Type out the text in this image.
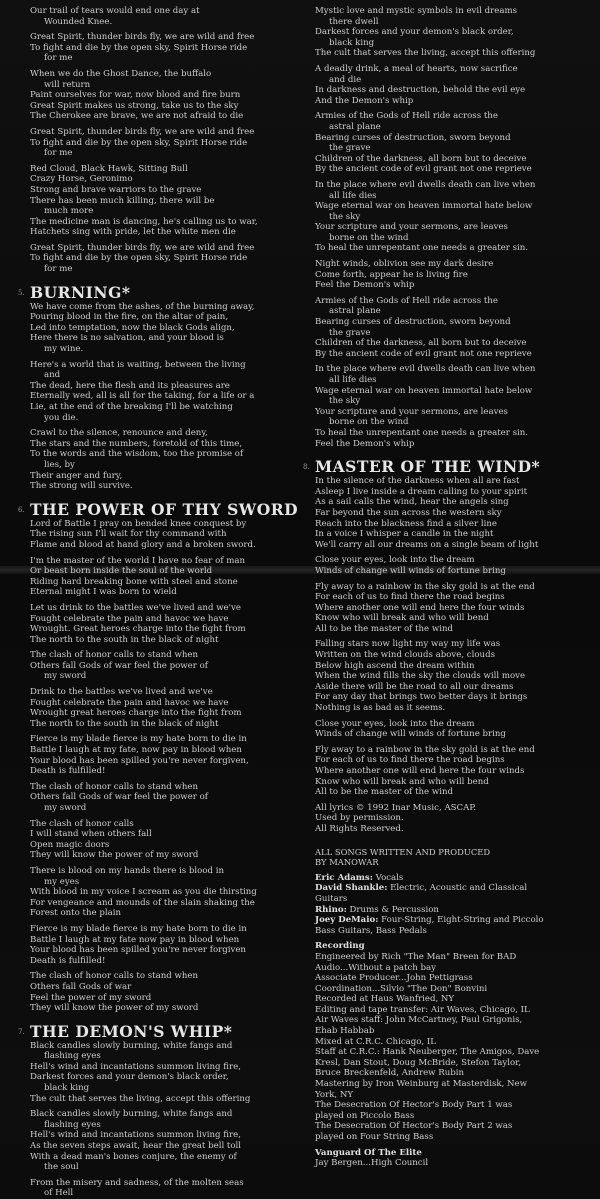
Our trail of tears would end one day at
Wounded Knee.
Great Spirit, thunder birds fly, we are wild and free
To fight and die by the open sky, Spirit Horse ride
for me
When we do the Ghost Dance, the buffalo
will return
Paint ourselves for war, now blood and fire burn
Great Spirit makes us strong, take us to the sky
The Cherokee are brave, we are not afraid to die
Great Spirit, thunder birds fly, we are wild and free
To fight and die by the open sky, Spirit Horse ride
for me
Red Cloud, Black Hawk, Sitting Bull
Crazy Horse, Geronimo
Strong and brave warriors to the grave
There has been much killing, there will be
much more
The medicine man is dancing, he's calling us to war,
Hatchets sing with pride, let the white men die
Great Spirit, thunder birds fly, we are wild and free
To fight and die by the open sky, Spirit Horse ride
for me
5. BURNING*
We have come from the ashes, of the burning away,
Pouring blood in the fire, on the altar of pain,
Led into temptation, now the black Gods align,
Here there is no salvation, and your blood is
my wine.
Here's a world that is waiting, between the living
and
The dead, here the flesh and its pleasures are
Eternally wed, all is all for the taking, for a life or a
Lie, at the end of the breaking I'll be watching
you die.
Crawl to the silence, renounce and deny,
The stars and the numbers, foretold of this time,
To the words and the wisdom, too the promise of
lies, by
Their anger and fury,
The strong will survive.
6. THE POWER OF THY SWORD
Lord of Battle I pray on bended knee conquest by
The rising sun I'll wait for thy command with
Flame and blood at hand glory and a broken sword.
I'm the master of the world I have no fear of man
Or beast born inside the soul of the world
Riding hard breaking bone with steel and stone
Eternal might I was born to wield
Let us drink to the battles we've lived and we've
Fought celebrate the pain and havoc we have
Wrought. Great heroes charge into the fight from
The north to the south in the black of night
The clash of honor calls to stand when
Others fall Gods of war feel the power of
my sword
Drink to the battles we've lived and we've
Fought celebrate the pain and havoc we have
Wrought great heroes charge into the fight from
The north to the south in the black of night
Fierce is my blade fierce is my hate born to die in
Battle I laugh at my fate, now pay in blood when
Your blood has been spilled you're never forgiven,
Death is fulfilled!
The clash of honor calls to stand when
Others fall Gods of war feel the power of
my sword
The clash of honor calls
I will stand when others fall
Open magic doors
They will know the power of my sword
There is blood on my hands there is blood in
my eyes
With blood in my voice I scream as you die thirsting
For vengeance and mounds of the slain shaking the
Forest onto the plain
Fierce is my blade fierce is my hate born to die in
Battle I laugh at my fate now pay in blood when
Your blood has been spilled you're never forgiven
Death is fulfilled!
The clash of honor calls to stand when
Others fall Gods of war
Feel the power of my sword
They will know the power of my sword
7. THE DEMON'S WHIP*
Black candles slowly burning, white fangs and
flashing eyes
Hell's wind and incantations summon living fire,
Darkest forces and your demon's black order,
black king
The cult that serves the living, accept this offering
Black candles slowly burning, white fangs and
flashing eyes
Hell's wind and incantations summon living fire,
As the seven steps await, hear the great bell toll
With a dead man's bones conjure, the enemy of
the soul
From the misery and sadness, of the molten seas
of Hell
Mystic love and mystic symbols in evil dreams
there dwell
Darkest forces and your demon's black order,
black king
The cult that serves the living, accept this offering
A deadly drink, a meal of hearts, now sacrifice
and die
In darkness and destruction, behold the evil eye
And the Demon's whip
Armies of the Gods of Hell ride across the
astral plane
Bearing curses of destruction, sworn beyond
the grave
Children of the darkness, all born but to deceive
By the ancient code of evil grant not one reprieve
In the place where evil dwells death can live when
all life dies
Wage eternal war on heaven immortal hate below
the sky
Your scripture and your sermons, are leaves
borne on the wind
To heal the unrepentant one needs a greater sin.
Night winds, oblivion see my dark desire
Come forth, appear he is living fire
Feel the Demon's whip
Armies of the Gods of Hell ride across the
astral plane
Bearing curses of destruction, sworn beyond
the grave
Children of the darkness, all born but to deceive
By the ancient code of evil grant not one reprieve
In the place where evil dwells death can live when
all life dies
Wage eternal war on heaven immortal hate below
the sky
Your scripture and your sermons, are leaves
borne on the wind
To heal the unrepentant one needs a greater sin.
Feel the Demon's whip
8. MASTER OF THE WIND*
In the silence of the darkness when all are fast
Asleep I live inside a dream calling to your spirit
As a sail calls the wind, hear the angels sing
Far beyond the sun across the western sky
Reach into the blackness find a silver line
In a voice I whisper a candle in the night
We'll carry all our dreams on a single beam of light
Close your eyes, look into the dream
Winds of change will winds of fortune bring
Fly away to a rainbow in the sky gold is at the end
For each of us to find there the road begins
Where another one will end here the four winds
Know who will break and who will bend
All to be the master of the wind
Falling stars now light my way my life was
Written on the wind clouds above, clouds
Below high ascend the dream within
When the wind fills the sky the clouds will move
Aside there will be the road to all our dreams
For any day that brings two better days it brings
Nothing is as bad as it seems.
Close your eyes, look into the dream
Winds of change will winds of fortune bring
Fly away to a rainbow in the sky gold is at the end
For each of us to find there the road begins
Where another one will end here the four winds
Know who will break and who will bend
All to be the master of the wind
All lyrics © 1992 Inar Music, ASCAP.
Used by permission.
All Rights Reserved.
ALL SONGS WRITTEN AND PRODUCED
BY MANOWAR
Eric Adams: Vocals
David Shankle: Electric, Acoustic and Classical
Guitars
Rhino: Drums & Percussion
Joey DeMaio: Four-String, Eight-String and Piccolo
Bass Guitars, Bass Pedals
Recording
Engineered by Rich "The Man" Breen for BAD
Audio...Without a patch bay
Associate Producer...John Pettigrass
Coordination...Silvio "The Don" Bonvini
Recorded at Haus Wanfried, NY
Editing and tape transfer: Air Waves, Chicago, IL
Air Waves staff: John McCartney, Paul Grigonis,
Ehab Habbab
Mixed at C.R.C. Chicago, IL
Staff at C.R.C.: Hank Neuberger, The Amigos, Dave
Kresl, Dan Stout, Doug McBride, Stefon Taylor,
Bruce Breckenfeld, Andrew Rubin
Mastering by Iron Weinburg at Masterdisk, New
York, NY
The Desecration Of Hector's Body Part 1 was
played on Piccolo Bass
The Desecration Of Hector's Body Part 2 was
played on Four String Bass
Vanguard Of The Elite
Jay Bergen...High Council
